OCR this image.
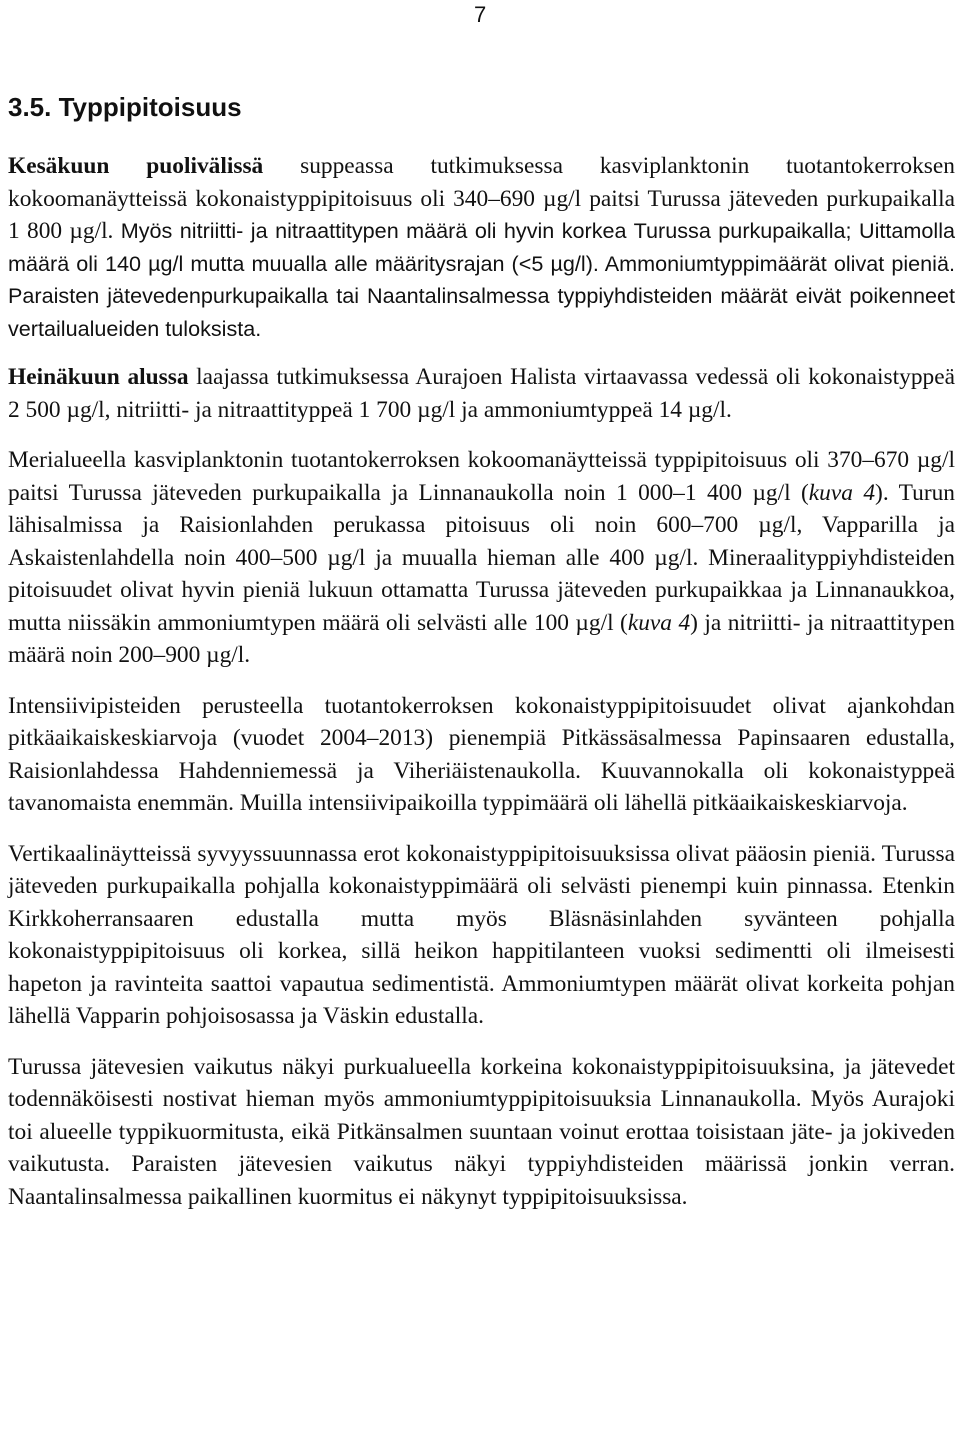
7
3.5. Typpipitoisuus

Kesäkuun puolivälissä suppeassa tutkimuksessa kasviplanktonin tuotantokerroksen kokoomanäytteissä kokonaistyppipitoisuus oli 340–690 µg/l paitsi Turussa jäteveden purkupaikalla 1 800 µg/l. Myös nitriitti- ja nitraattitypen määrä oli hyvin korkea Turussa purkupaikalla; Uittamolla määrä oli 140 µg/l mutta muualla alle määritysrajan (<5 µg/l). Ammoniumtyppimäärät olivat pieniä. Paraisten jätevedenpurkupaikalla tai Naantalinsalmessa typpiyhdisteiden määrät eivät poikenneet vertailualueiden tuloksista.

Heinäkuun alussa laajassa tutkimuksessa Aurajoen Halista virtaavassa vedessä oli kokonaistyppeä 2 500 µg/l, nitriitti- ja nitraattityppeä 1 700 µg/l ja ammoniumtyppeä 14 µg/l.

Merialueella kasviplanktonin tuotantokerroksen kokoomanäytteissä typpipitoisuus oli 370–670 µg/l paitsi Turussa jäteveden purkupaikalla ja Linnanaukolla noin 1 000–1 400 µg/l (kuva 4). Turun lähisalmissa ja Raisionlahden perukassa pitoisuus oli noin 600–700 µg/l, Vapparilla ja Askaistenlahdella noin 400–500 µg/l ja muualla hieman alle 400 µg/l. Mineraalityppiyhdisteiden pitoisuudet olivat hyvin pieniä lukuun ottamatta Turussa jäteveden purkupaikkaa ja Linnanaukkoa, mutta niissäkin ammoniumtypen määrä oli selvästi alle 100 µg/l (kuva 4) ja nitriitti- ja nitraattitypen määrä noin 200–900 µg/l.

Intensiivipisteiden perusteella tuotantokerroksen kokonaistyppipitoisuudet olivat ajankohdan pitkäaikaiskeskiarvoja (vuodet 2004–2013) pienempiä Pitkässäsalmessa Papinsaaren edustalla, Raisionlahdessa Hahdenniemessä ja Viheriäistenaukolla. Kuuvannokalla oli kokonaistyppeä tavanomaista enemmän. Muilla intensiivipaikoilla typpimäärä oli lähellä pitkäaikaiskeskiarvoja.

Vertikaalinäytteissä syvyyssuunnassa erot kokonaistyppipitoisuuksissa olivat pääosin pieniä. Turussa jäteveden purkupaikalla pohjalla kokonaistyppimäärä oli selvästi pienempi kuin pinnassa. Etenkin Kirkkoherransaaren edustalla mutta myös Bläsnäsinlahden syvänteen pohjalla kokonaistyppipitoisuus oli korkea, sillä heikon happitilanteen vuoksi sedimentti oli ilmeisesti hapeton ja ravinteita saattoi vapautua sedimentistä. Ammoniumtypen määrät olivat korkeita pohjan lähellä Vapparin pohjoisosassa ja Väskin edustalla.

Turussa jätevesien vaikutus näkyi purkualueella korkeina kokonaistyppipitoisuuksina, ja jätevedet todennäköisesti nostivat hieman myös ammoniumtyppipitoisuuksia Linnanaukolla. Myös Aurajoki toi alueelle typpikuormitusta, eikä Pitkänsalmen suuntaan voinut erottaa toisistaan jäte- ja jokiveden vaikutusta. Paraisten jätevesien vaikutus näkyi typpiyhdisteiden määrissä jonkin verran. Naantalinsalmessa paikallinen kuormitus ei näkynyt typpipitoisuuksissa.
